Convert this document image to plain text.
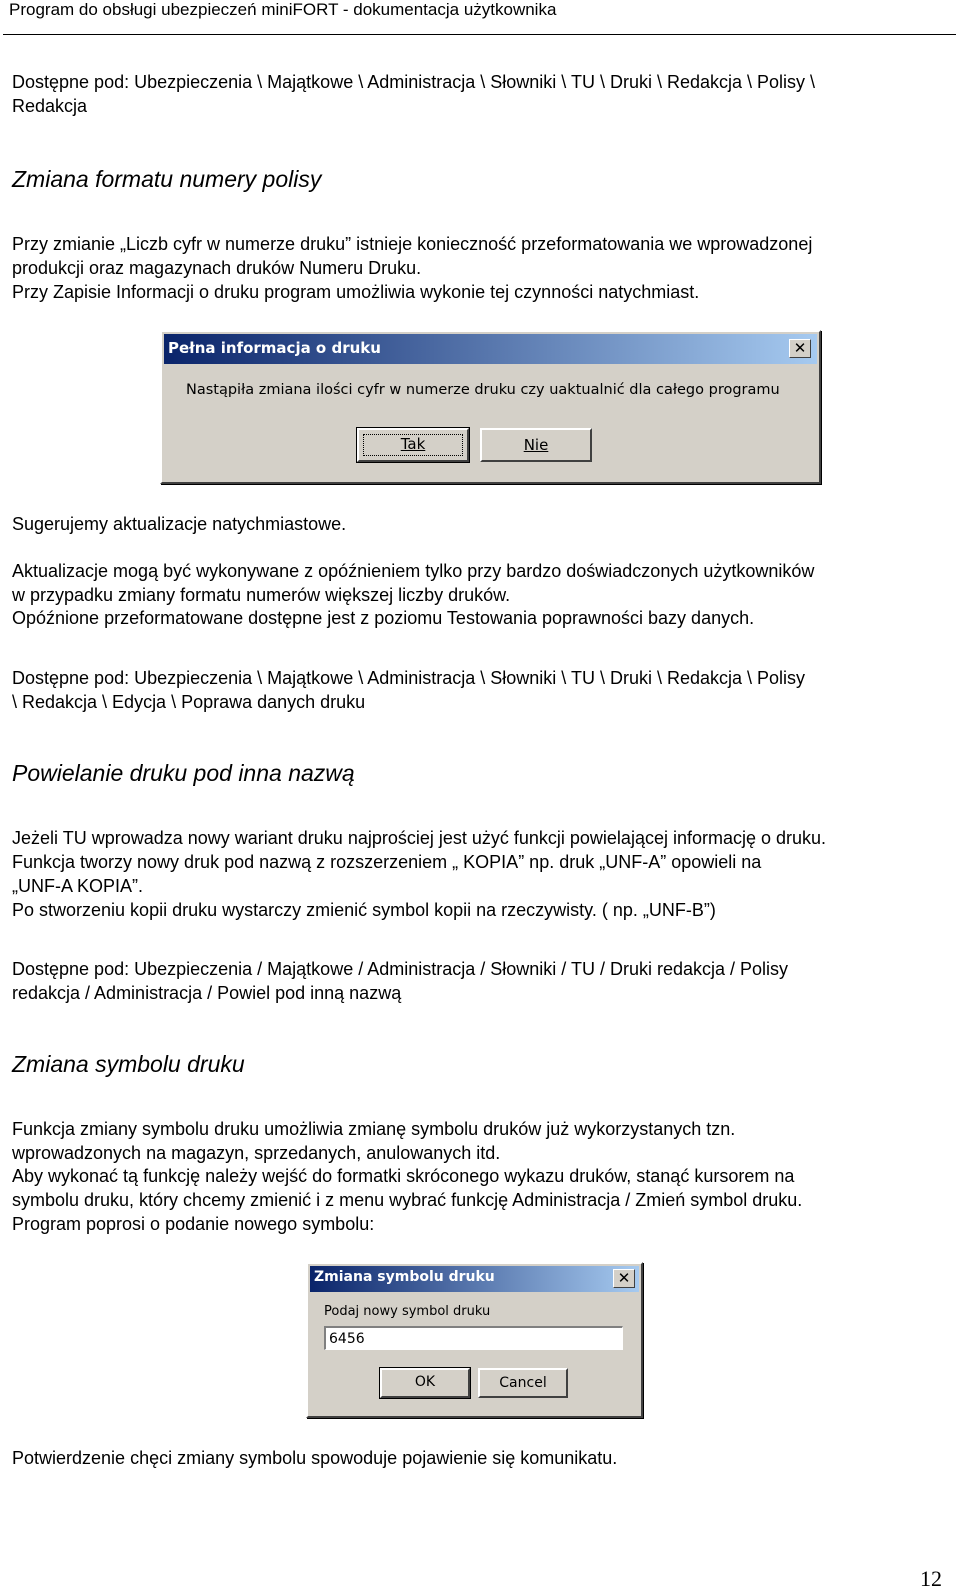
Program do obsługi ubezpieczeń miniFORT - dokumentacja użytkownika
Dostępne pod: Ubezpieczenia \ Majątkowe \ Administracja \ Słowniki \ TU \ Druki \ Redakcja \ Polisy \
Redakcja
Zmiana formatu numery polisy
Przy zmianie „Liczb cyfr w numerze druku” istnieje konieczność przeformatowania we wprowadzonej
produkcji oraz magazynach druków Numeru Druku.
Przy Zapisie Informacji o druku program umożliwia wykonie tej czynności natychmiast.
Pełna informacja o druku	✕
Nastąpiła zmiana ilości cyfr w numerze druku czy uaktualnić dla całego programu
Tak	Nie
Sugerujemy aktualizacje natychmiastowe.
Aktualizacje mogą być wykonywane z opóźnieniem tylko przy bardzo doświadczonych użytkowników
w przypadku zmiany formatu numerów większej liczby druków.
Opóźnione przeformatowane dostępne jest z poziomu Testowania poprawności bazy danych.
Dostępne pod: Ubezpieczenia \ Majątkowe \ Administracja \ Słowniki \ TU \ Druki \ Redakcja \ Polisy
\ Redakcja \ Edycja \ Poprawa danych druku
Powielanie druku pod inna nazwą
Jeżeli TU wprowadza nowy wariant druku najprościej jest użyć funkcji powielającej informację o druku.
Funkcja tworzy nowy druk pod nazwą z rozszerzeniem „ KOPIA” np. druk „UNF-A” opowieli na
„UNF-A KOPIA”.
Po stworzeniu kopii druku wystarczy zmienić symbol kopii na rzeczywisty. ( np. „UNF-B”)
Dostępne pod: Ubezpieczenia / Majątkowe / Administracja / Słowniki / TU / Druki redakcja / Polisy
redakcja / Administracja / Powiel pod inną nazwą
Zmiana symbolu druku
Funkcja zmiany symbolu druku umożliwia zmianę symbolu druków już wykorzystanych tzn.
wprowadzonych na magazyn, sprzedanych, anulowanych itd.
Aby wykonać tą funkcję należy wejść do formatki skróconego wykazu druków, stanąć kursorem na
symbolu druku, który chcemy zmienić i z menu wybrać funkcję Administracja / Zmień symbol druku.
Program poprosi o podanie nowego symbolu:
Zmiana symbolu druku	✕
Podaj nowy symbol druku
6456
OK	Cancel
Potwierdzenie chęci zmiany symbolu spowoduje pojawienie się komunikatu.
12
